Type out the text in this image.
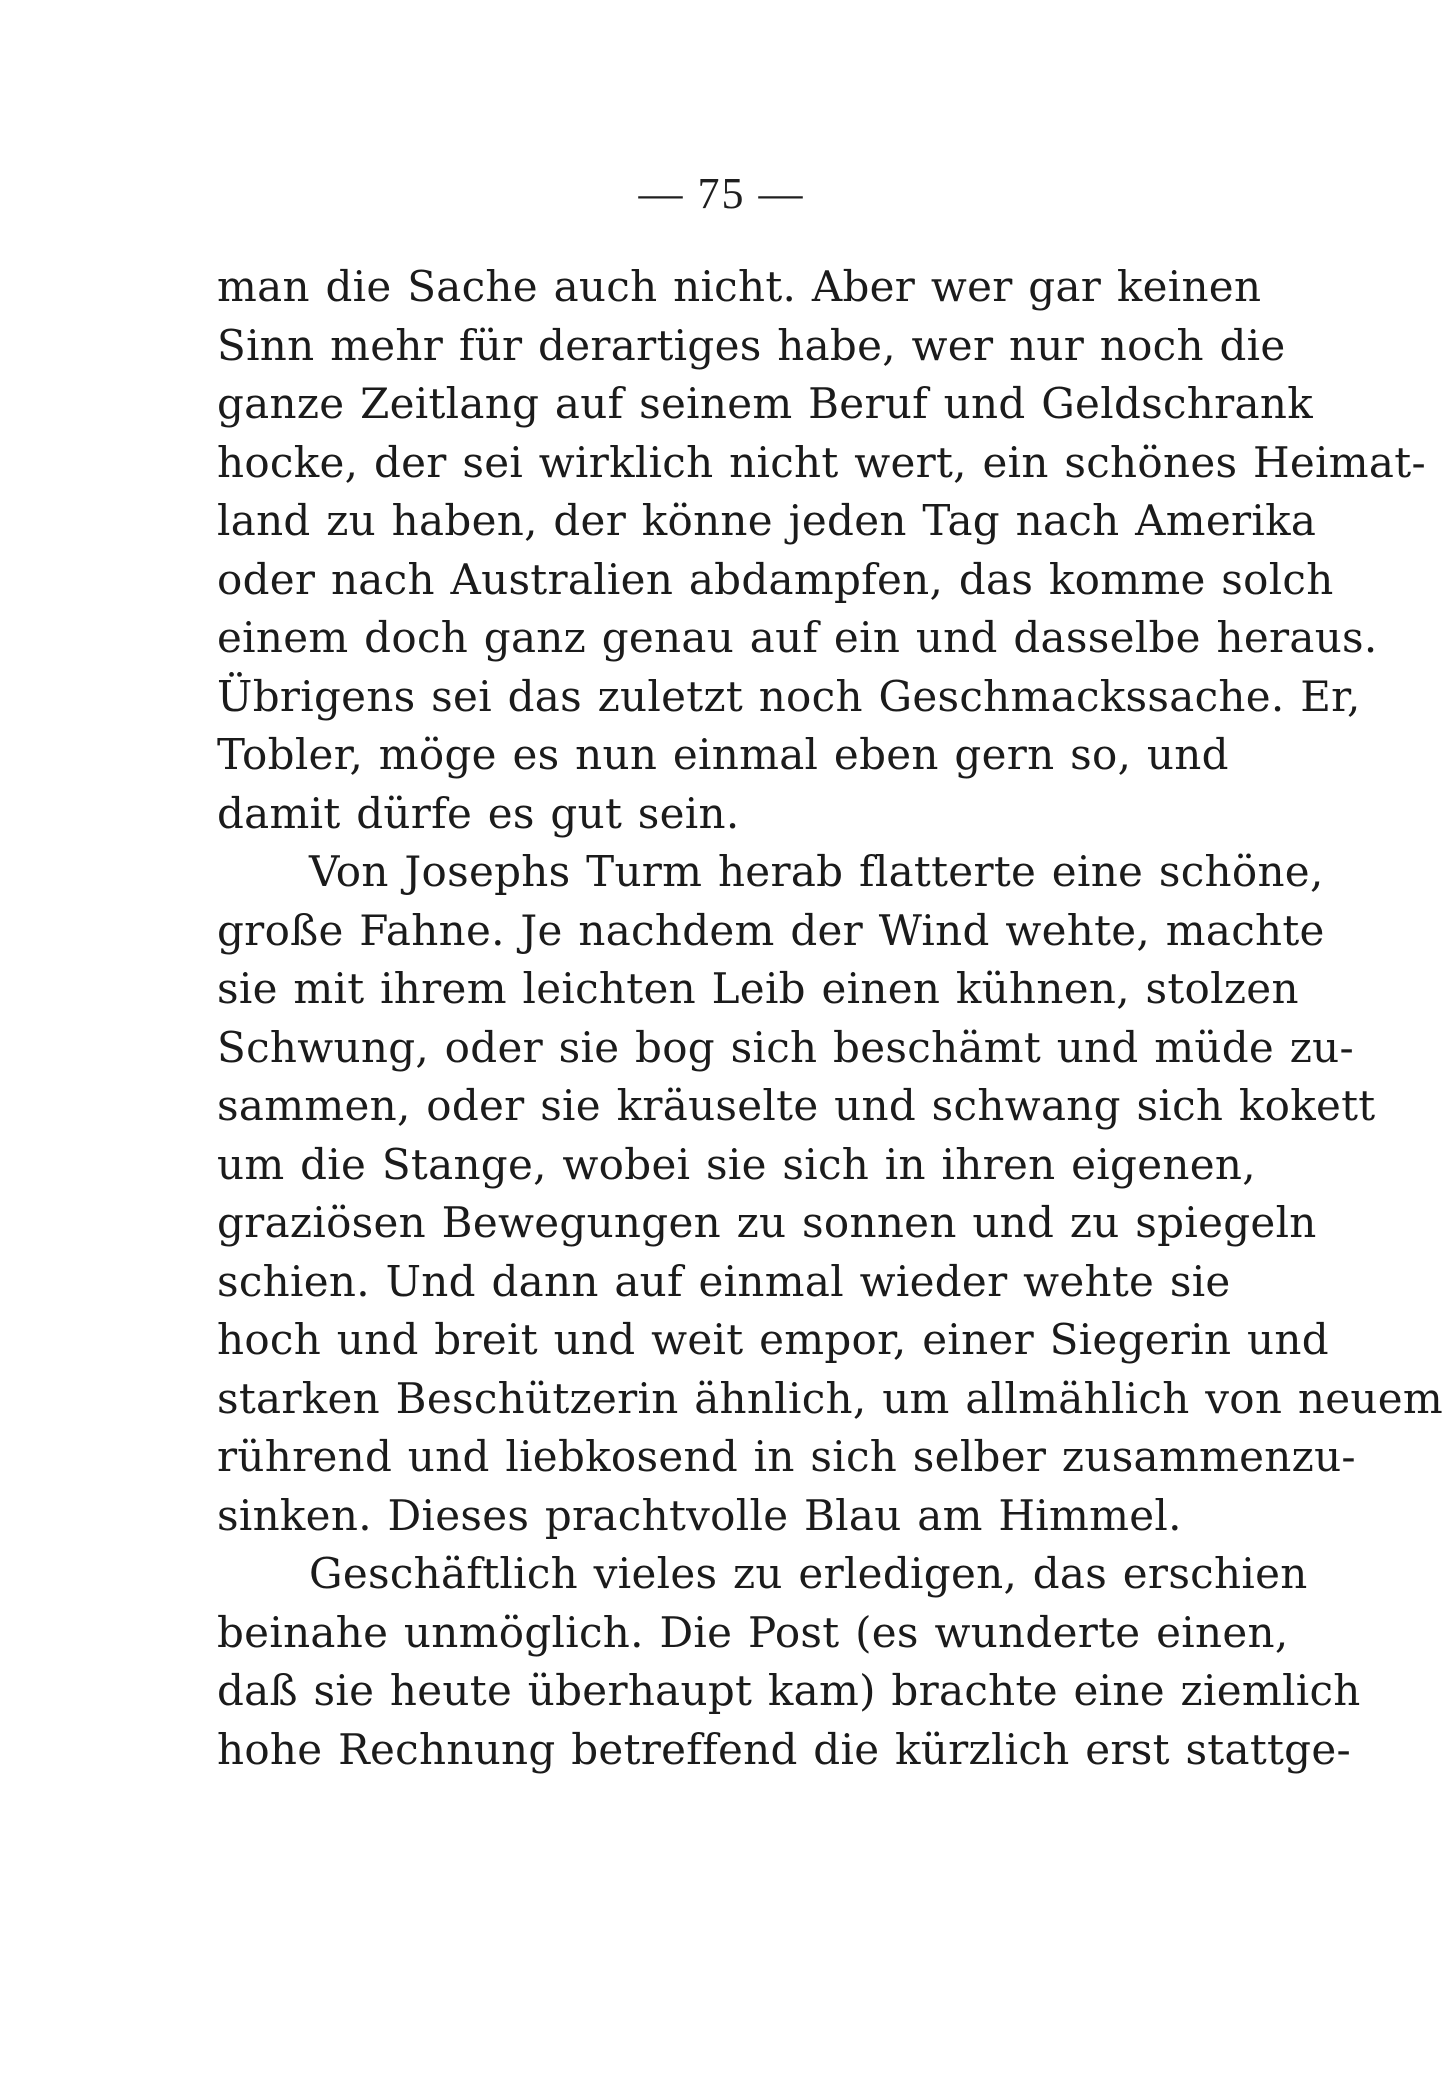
— 75 —
man die Sache auch nicht. Aber wer gar keinen
Sinn mehr für derartiges habe, wer nur noch die
ganze Zeitlang auf seinem Beruf und Geldschrank
hocke, der sei wirklich nicht wert, ein schönes Heimat-
land zu haben, der könne jeden Tag nach Amerika
oder nach Australien abdampfen, das komme solch
einem doch ganz genau auf ein und dasselbe heraus.
Übrigens sei das zuletzt noch Geschmackssache. Er,
Tobler, möge es nun einmal eben gern so, und
damit dürfe es gut sein.
Von Josephs Turm herab flatterte eine schöne,
große Fahne. Je nachdem der Wind wehte, machte
sie mit ihrem leichten Leib einen kühnen, stolzen
Schwung, oder sie bog sich beschämt und müde zu-
sammen, oder sie kräuselte und schwang sich kokett
um die Stange, wobei sie sich in ihren eigenen,
graziösen Bewegungen zu sonnen und zu spiegeln
schien. Und dann auf einmal wieder wehte sie
hoch und breit und weit empor, einer Siegerin und
starken Beschützerin ähnlich, um allmählich von neuem
rührend und liebkosend in sich selber zusammenzu-
sinken. Dieses prachtvolle Blau am Himmel.
Geschäftlich vieles zu erledigen, das erschien
beinahe unmöglich. Die Post (es wunderte einen,
daß sie heute überhaupt kam) brachte eine ziemlich
hohe Rechnung betreffend die kürzlich erst stattge-
